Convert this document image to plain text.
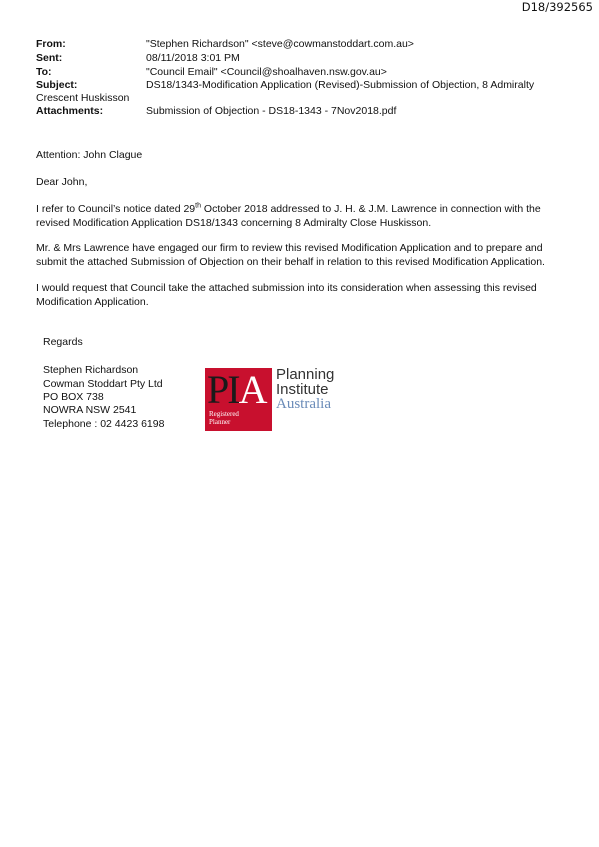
D18/392565
From:	"Stephen Richardson" <steve@cowmanstoddart.com.au>
Sent:	08/11/2018 3:01 PM
To:	"Council Email" <Council@shoalhaven.nsw.gov.au>
Subject:	DS18/1343-Modification Application (Revised)-Submission of Objection, 8 Admiralty
Crescent Huskisson
Attachments:	Submission of Objection - DS18-1343 - 7Nov2018.pdf
Attention: John Clague
Dear John,
I refer to Council’s notice dated 29th October 2018 addressed to J. H. & J.M. Lawrence in connection with the revised Modification Application DS18/1343 concerning 8 Admiralty Close Huskisson.
Mr. & Mrs Lawrence have engaged our firm to review this revised Modification Application and to prepare and submit the attached Submission of Objection on their behalf in relation to this revised Modification Application.
I would request that Council take the attached submission into its consideration when assessing this revised Modification Application.
Regards
Stephen Richardson
Cowman Stoddart Pty Ltd
PO BOX 738
NOWRA NSW 2541
Telephone : 02 4423 6198
PIA
Registered Planner
Planning
Institute
Australia
